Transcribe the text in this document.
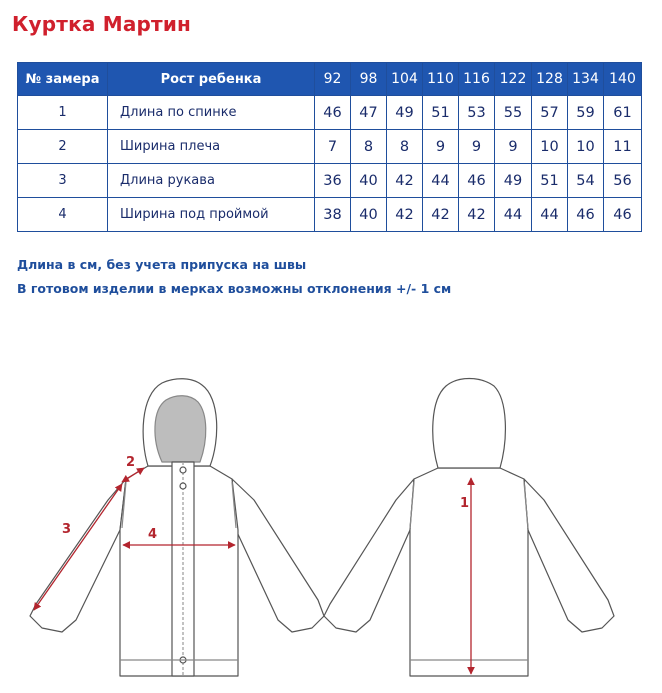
Куртка Мартин
№ замера	Рост ребенка	92	98	104	110	116	122	128	134	140
1	Длина по спинке	46	47	49	51	53	55	57	59	61
2	Ширина плеча	7	8	8	9	9	9	10	10	11
3	Длина рукава	36	40	42	44	46	49	51	54	56
4	Ширина под проймой	38	40	42	42	42	44	44	46	46
Длина в см, без учета припуска на швы
В готовом изделии в мерках возможны отклонения +/- 1 см
1
2
3	4
